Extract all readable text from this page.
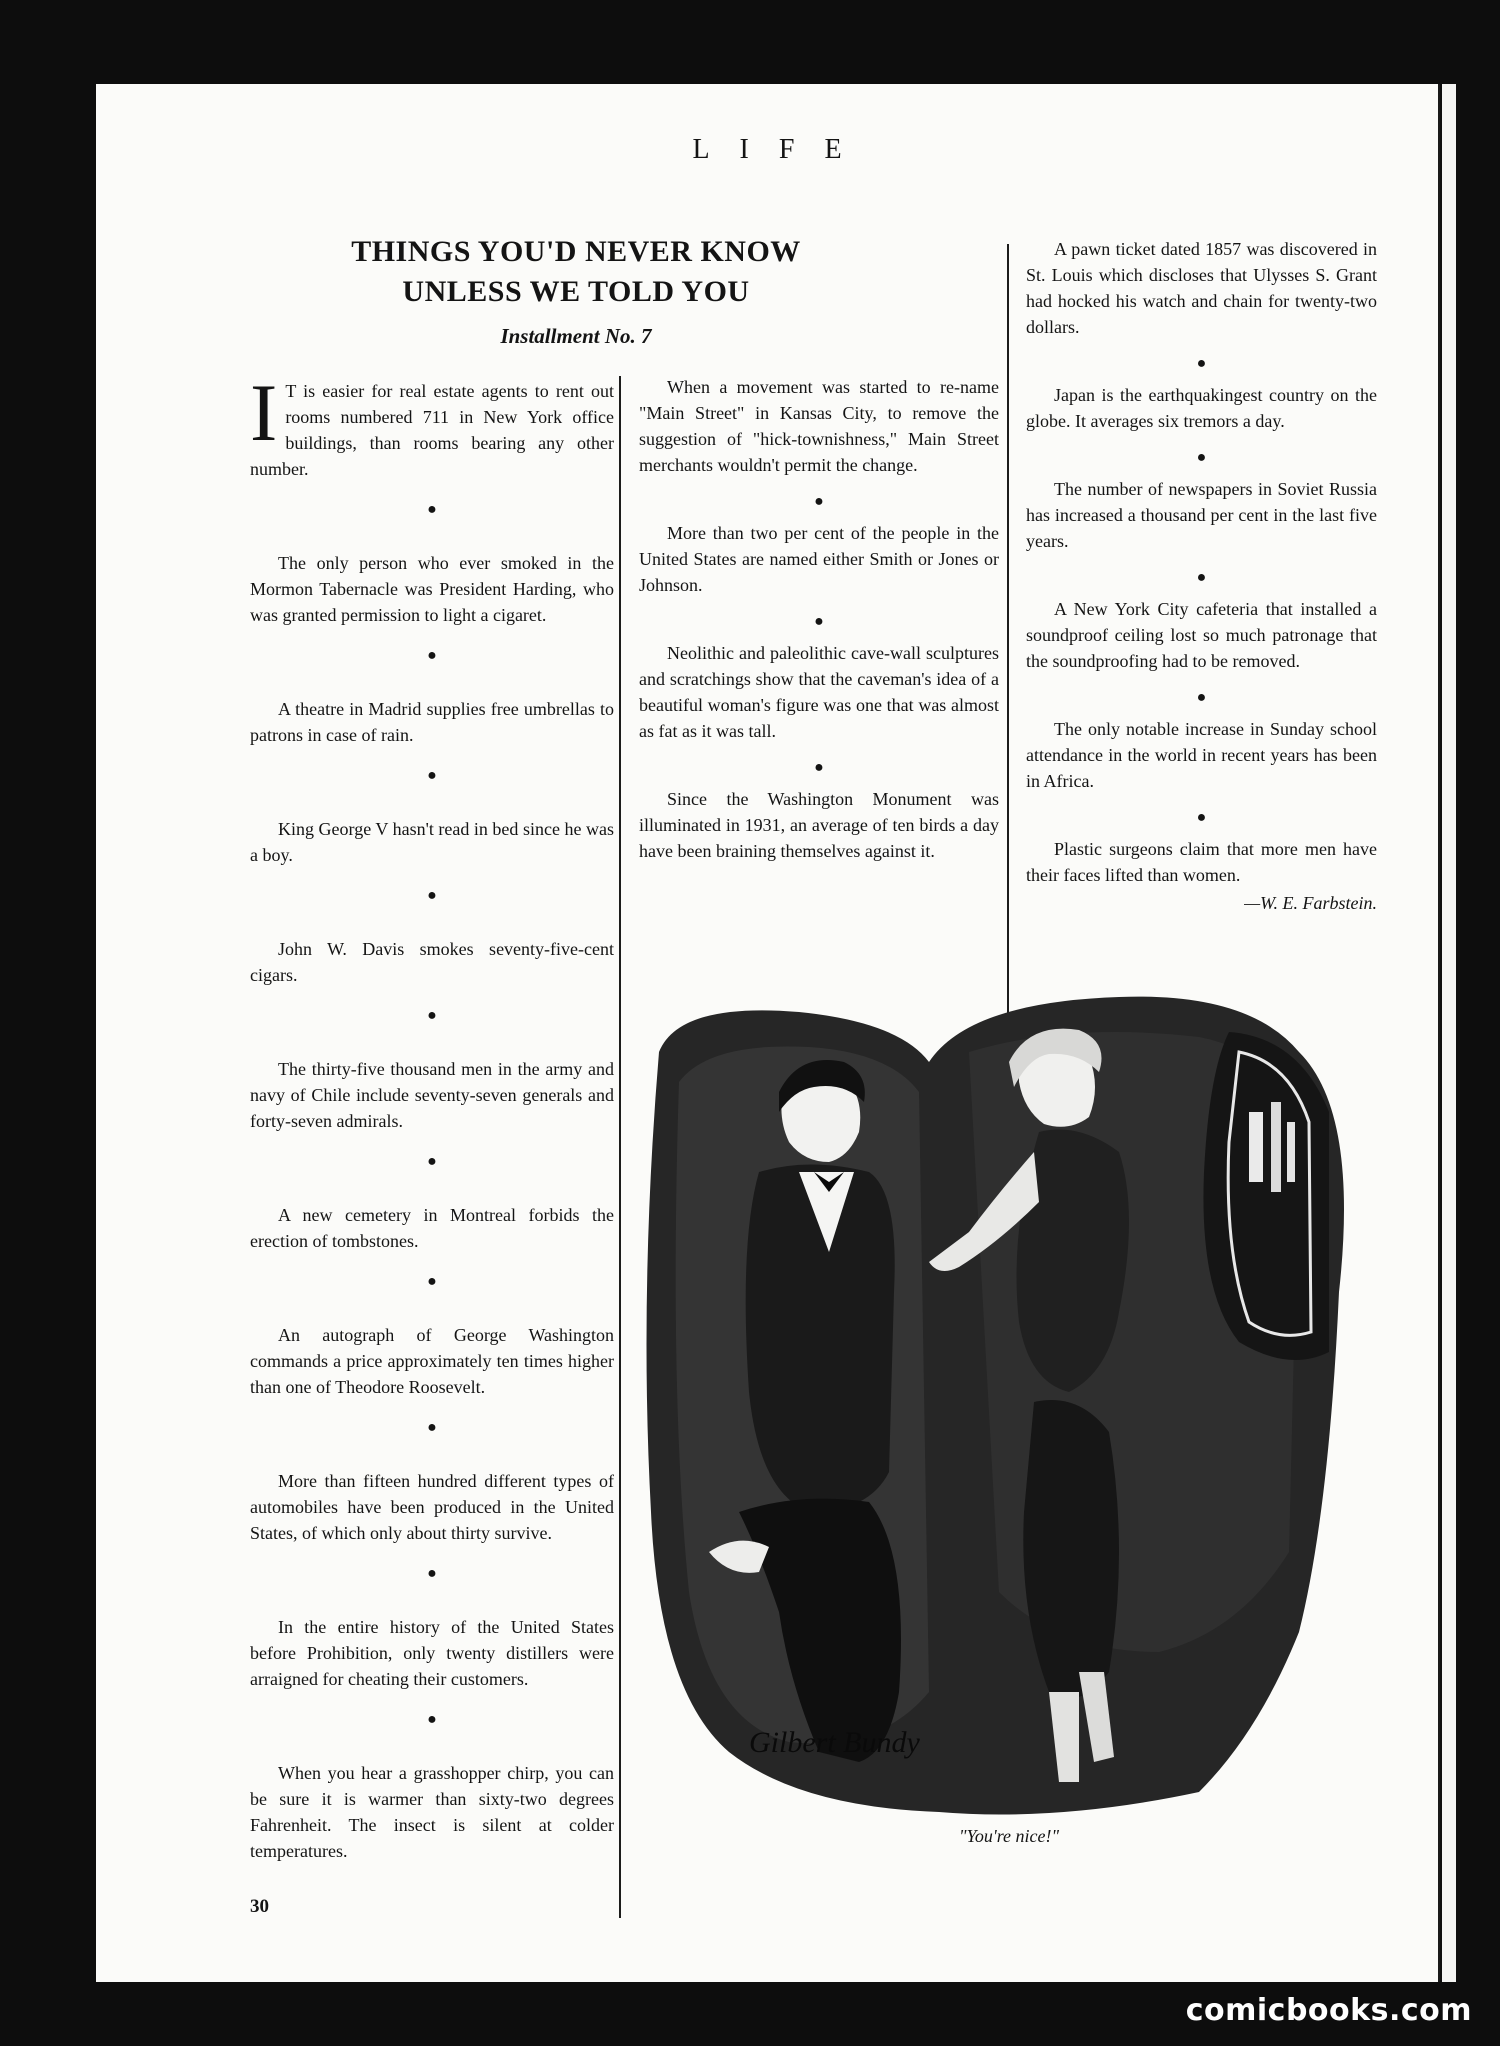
LIFE
THINGS YOU'D NEVER KNOW
UNLESS WE TOLD YOU
Installment No. 7

I T is easier for real estate agents to rent out rooms numbered 711 in New York office buildings, than rooms bearing any other number.

●

The only person who ever smoked in the Mormon Tabernacle was President Harding, who was granted permission to light a cigaret.

●

A theatre in Madrid supplies free umbrellas to patrons in case of rain.

●

King George V hasn't read in bed since he was a boy.

●

John W. Davis smokes seventy-five-cent cigars.

●

The thirty-five thousand men in the army and navy of Chile include seventy-seven generals and forty-seven admirals.

●

A new cemetery in Montreal forbids the erection of tombstones.

●

An autograph of George Washington commands a price approximately ten times higher than one of Theodore Roosevelt.

●

More than fifteen hundred different types of automobiles have been produced in the United States, of which only about thirty survive.

●

In the entire history of the United States before Prohibition, only twenty distillers were arraigned for cheating their customers.

●

When you hear a grasshopper chirp, you can be sure it is warmer than sixty-two degrees Fahrenheit. The insect is silent at colder temperatures.

When a movement was started to re-name "Main Street" in Kansas City, to remove the suggestion of "hick-townishness," Main Street merchants wouldn't permit the change.

●

More than two per cent of the people in the United States are named either Smith or Jones or Johnson.

●

Neolithic and paleolithic cave-wall sculptures and scratchings show that the caveman's idea of a beautiful woman's figure was one that was almost as fat as it was tall.

●

Since the Washington Monument was illuminated in 1931, an average of ten birds a day have been braining themselves against it.

A pawn ticket dated 1857 was discovered in St. Louis which discloses that Ulysses S. Grant had hocked his watch and chain for twenty-two dollars.

●

Japan is the earthquakingest country on the globe. It averages six tremors a day.

●

The number of newspapers in Soviet Russia has increased a thousand per cent in the last five years.

●

A New York City cafeteria that installed a soundproof ceiling lost so much patronage that the soundproofing had to be removed.

●

The only notable increase in Sunday school attendance in the world in recent years has been in Africa.

●

Plastic surgeons claim that more men have their faces lifted than women.

—W. E. Farbstein.
Gilbert Bundy
"You're nice!"
30
comicbooks.com
